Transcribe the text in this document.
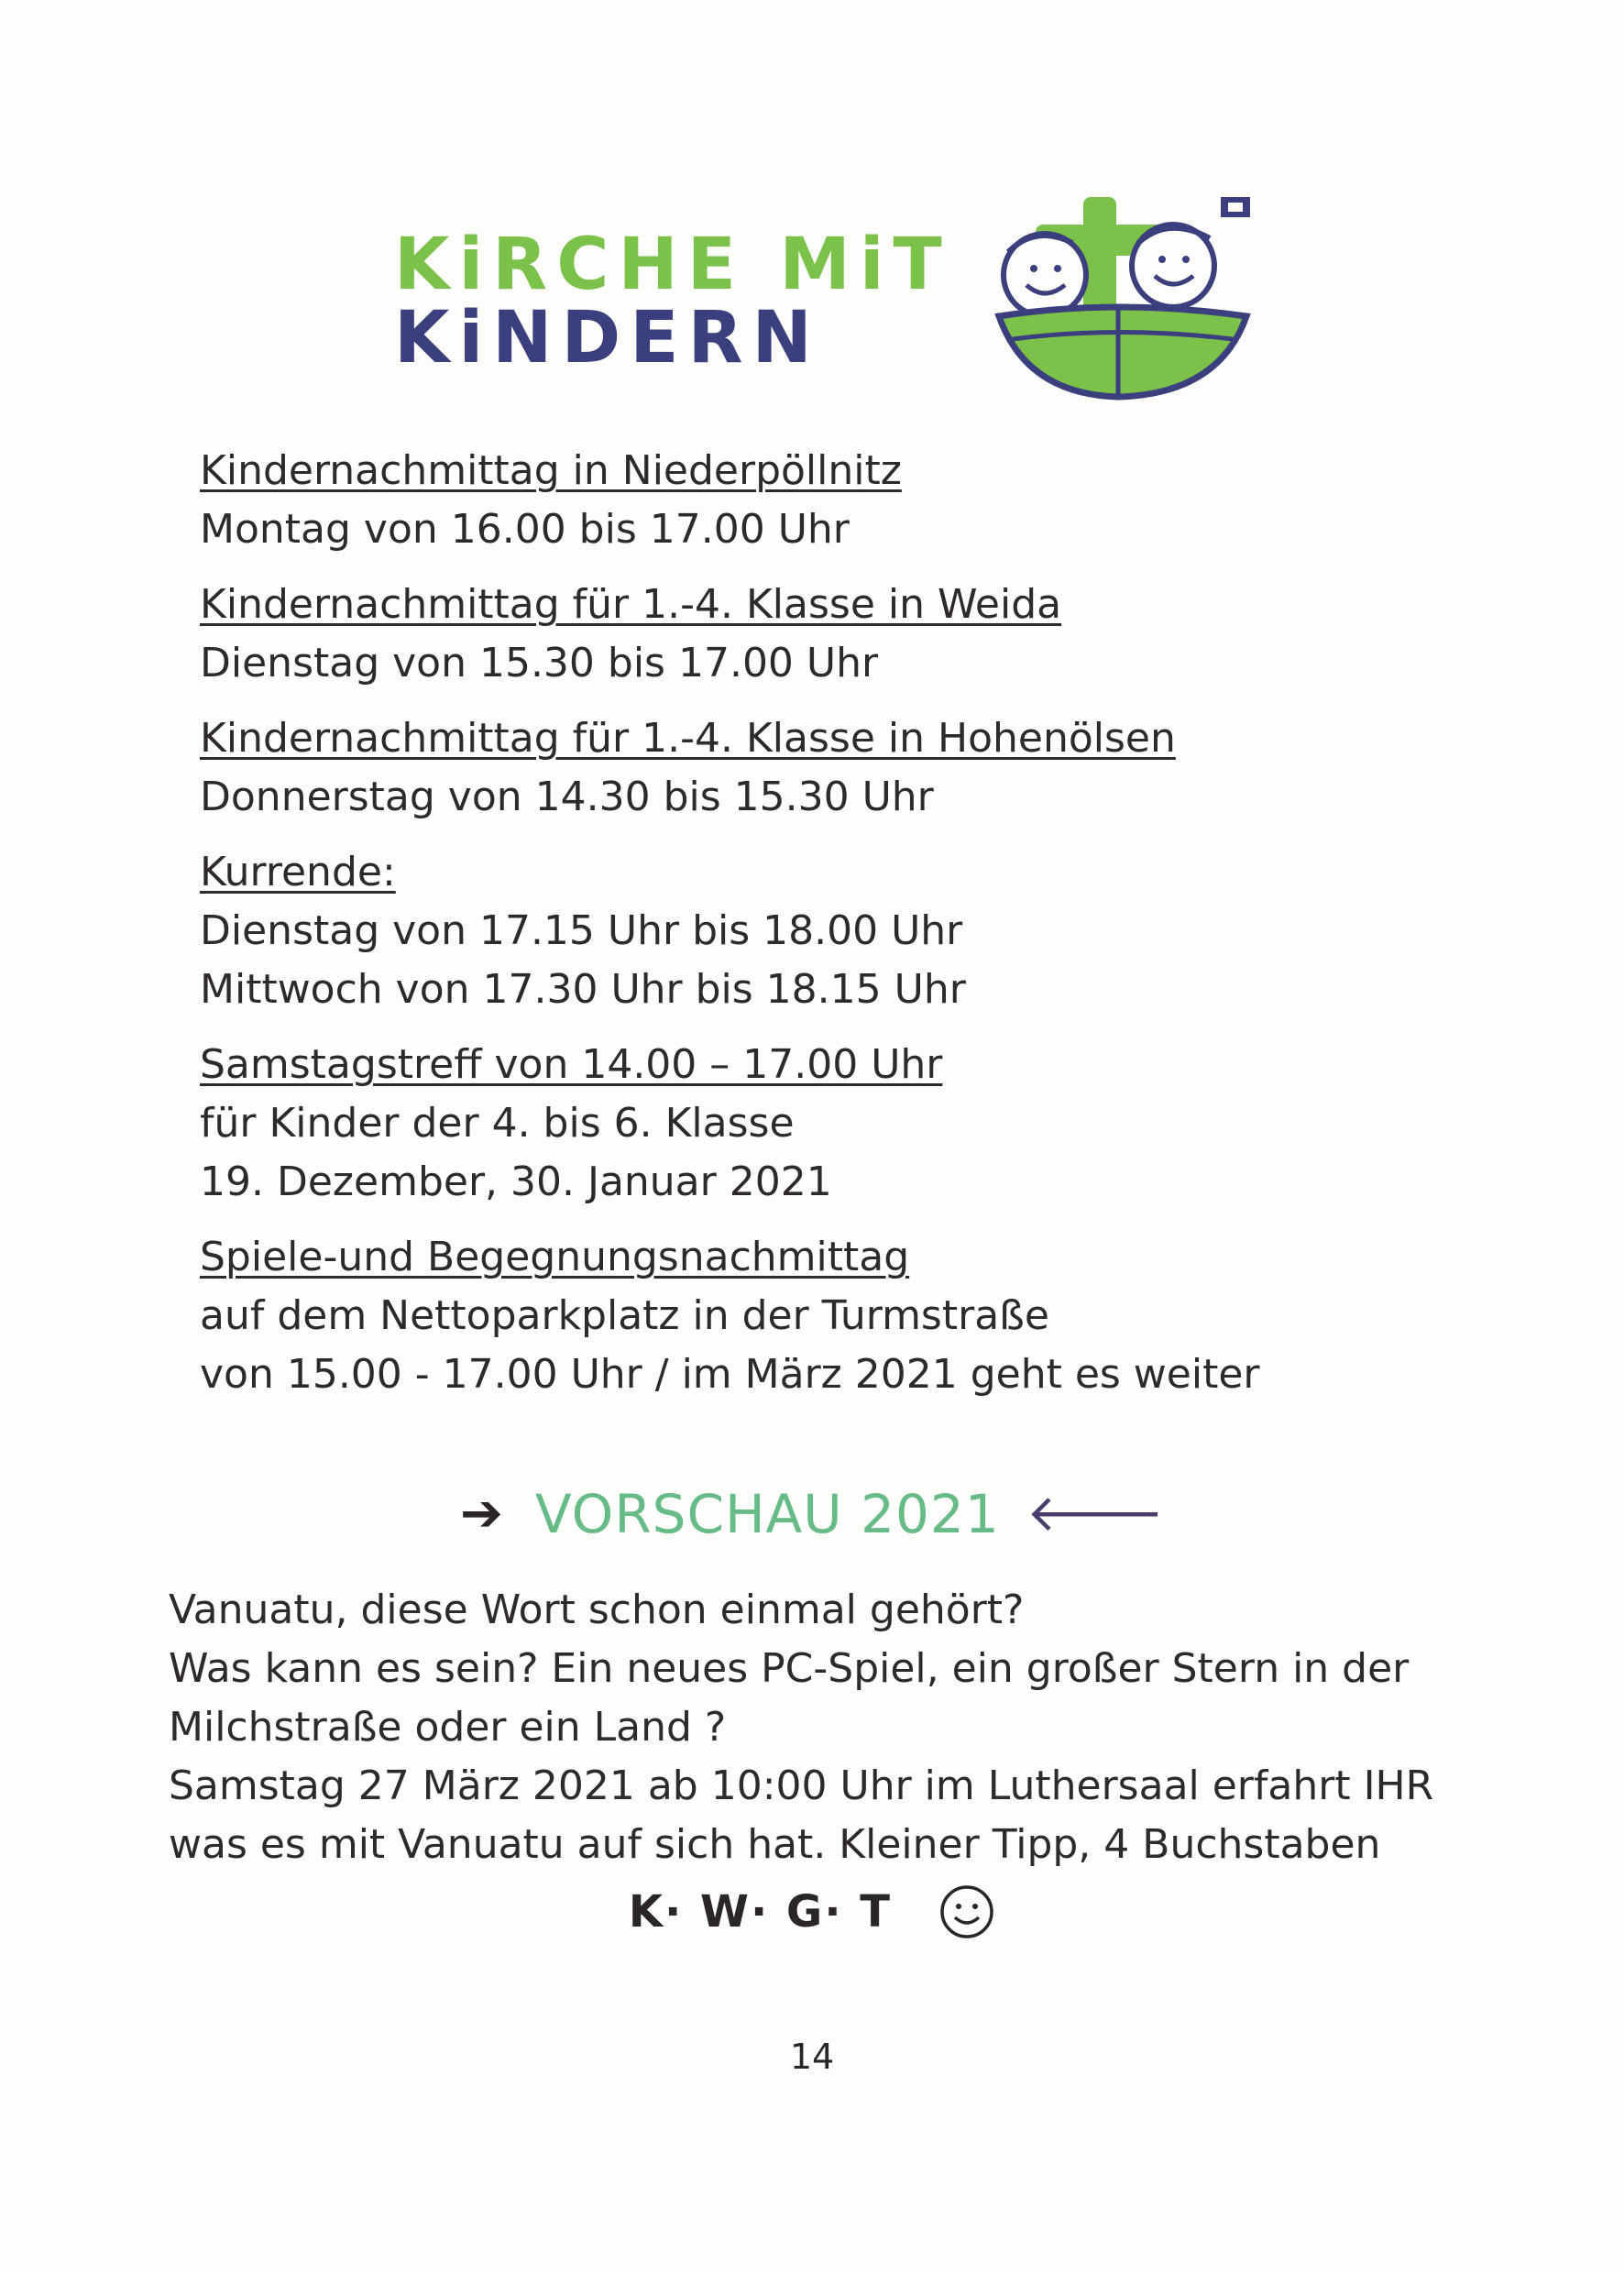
KiRCHE MiT
KiNDERN

Kindernachmittag in Niederpöllnitz

Montag von 16.00 bis 17.00 Uhr

Kindernachmittag für 1.-4. Klasse in Weida

Dienstag von 15.30 bis 17.00 Uhr

Kindernachmittag für 1.-4. Klasse in Hohenölsen

Donnerstag von 14.30 bis 15.30 Uhr

Kurrende:

Dienstag von 17.15 Uhr bis 18.00 Uhr

Mittwoch von 17.30 Uhr bis 18.15 Uhr

Samstagstreff von 14.00 – 17.00 Uhr

für Kinder der 4. bis 6. Klasse

19. Dezember, 30. Januar 2021

Spiele-und Begegnungsnachmittag

auf dem Nettoparkplatz in der Turmstraße

von 15.00 - 17.00 Uhr / im März 2021 geht es weiter

➔ VORSCHAU 2021 🡐

Vanuatu, diese Wort schon einmal gehört?

Was kann es sein? Ein neues PC-Spiel, ein großer Stern in der

Milchstraße oder ein Land ?

Samstag 27 März 2021 ab 10:00 Uhr im Luthersaal erfahrt IHR

was es mit Vanuatu auf sich hat. Kleiner Tipp, 4 Buchstaben

K· W· G· T
14
